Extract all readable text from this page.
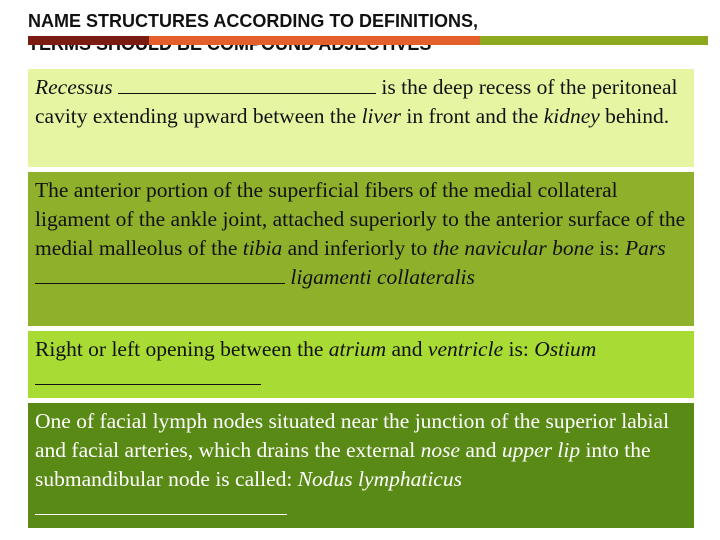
NAME STRUCTURES ACCORDING TO DEFINITIONS,

Recessus	is the deep recess of the peritoneal cavity extending upward between the liver in front and the kidney behind.
The anterior portion of the superficial fibers of the medial collateral ligament of the ankle joint, attached superiorly to the anterior surface of the medial malleolus of the tibia and inferiorly to the navicular bone is: Pars  ligamenti collateralis
Right or left opening between the atrium and ventricle is: Ostium
One of facial lymph nodes situated near the junction of the superior labial and facial arteries, which drains the external nose and upper lip into the submandibular node is called: Nodus lymphaticus
